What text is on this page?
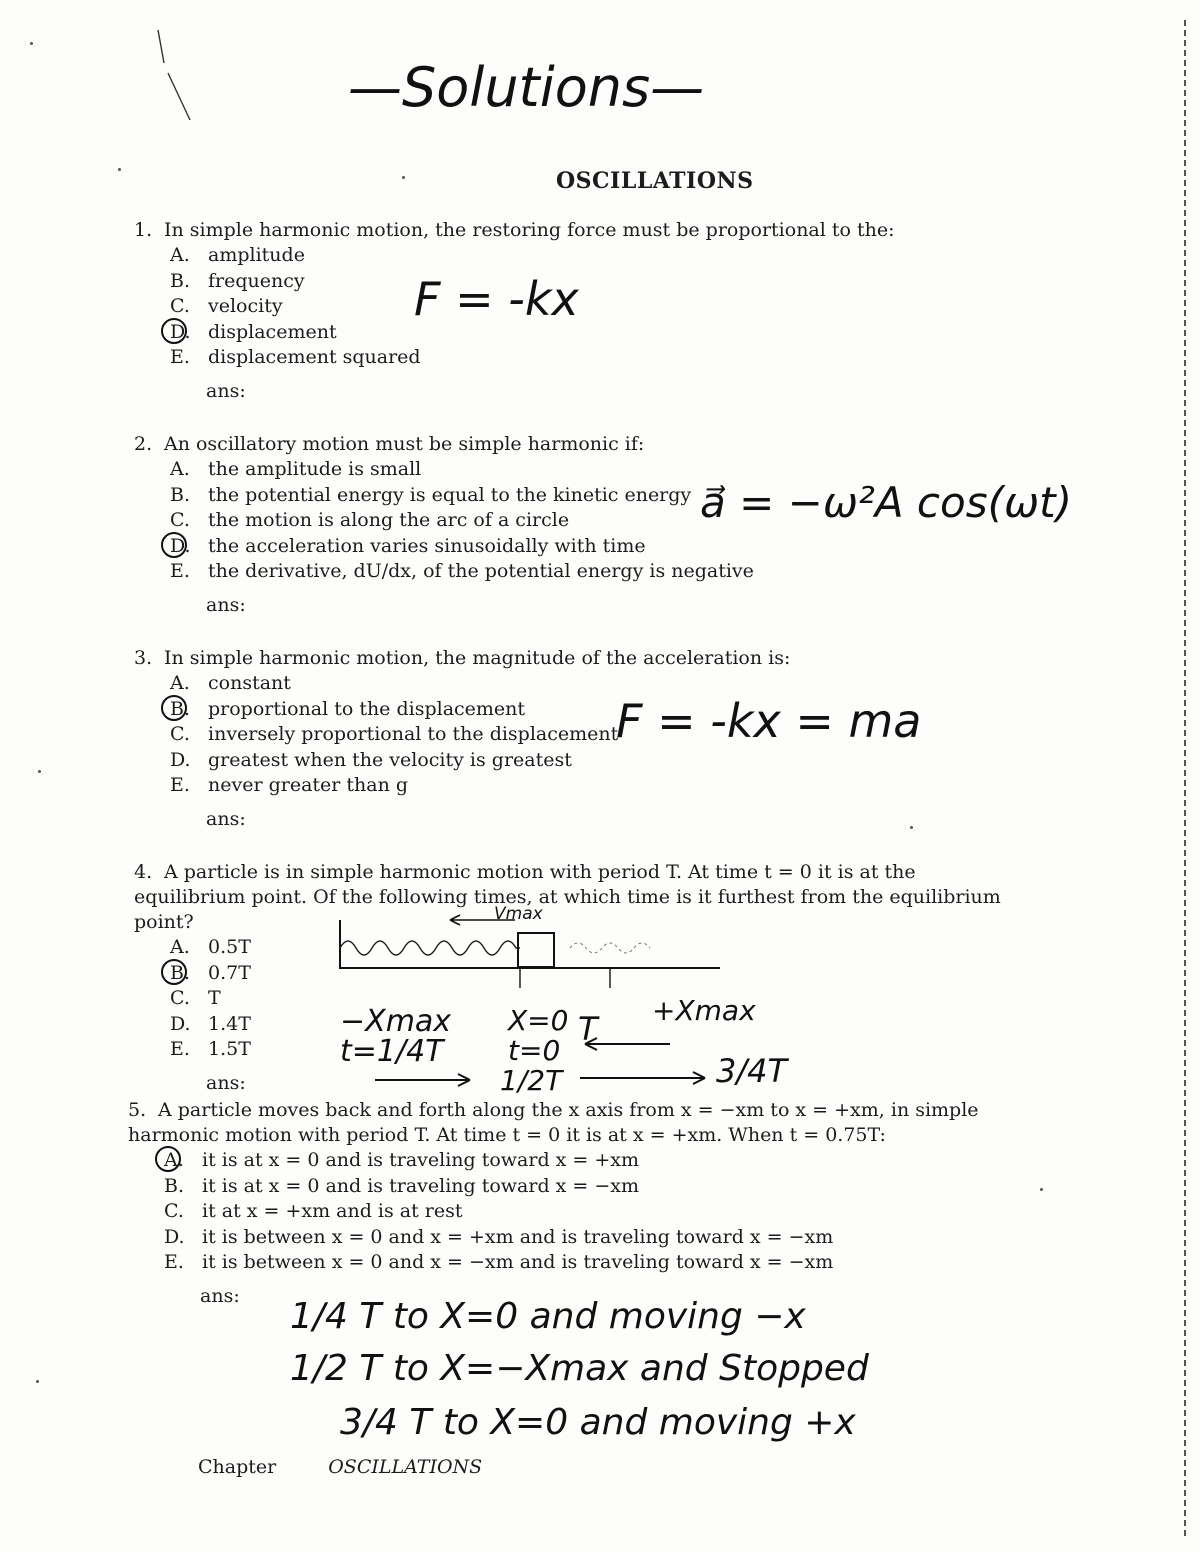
—Solutions—
OSCILLATIONS
1. In simple harmonic motion, the restoring force must be proportional to the:
A. amplitude
B. frequency
C. velocity
D. displacement
E. displacement squared
ans:
F = -kx
2. An oscillatory motion must be simple harmonic if:
A. the amplitude is small
B. the potential energy is equal to the kinetic energy
C. the motion is along the arc of a circle
D. the acceleration varies sinusoidally with time
E. the derivative, dU/dx, of the potential energy is negative
ans:
a⃗ = −ω²A cos(ωt)
3. In simple harmonic motion, the magnitude of the acceleration is:
A. constant
B. proportional to the displacement
C. inversely proportional to the displacement
D. greatest when the velocity is greatest
E. never greater than g
ans:
F = -kx = ma
4. A particle is in simple harmonic motion with period T. At time t = 0 it is at the equilibrium point. Of the following times, at which time is it furthest from the equilibrium point?
A. 0.5T
B. 0.7T
C. T
D. 1.4T
E. 1.5T
ans:
Vmax
−Xmax
t=1/4T
X=0
t=0
T +Xmax
1/2T	3/4T
5. A particle moves back and forth along the x axis from x = −xm to x = +xm, in simple harmonic motion with period T. At time t = 0 it is at x = +xm. When t = 0.75T:
A. it is at x = 0 and is traveling toward x = +xm
B. it is at x = 0 and is traveling toward x = −xm
C. it at x = +xm and is at rest
D. it is between x = 0 and x = +xm and is traveling toward x = −xm
E. it is between x = 0 and x = −xm and is traveling toward x = −xm
ans:
1/4 T to X=0 and moving −x
1/2 T to X=−Xmax and Stopped
3/4 T to X=0 and moving +x
Chapter	OSCILLATIONS
